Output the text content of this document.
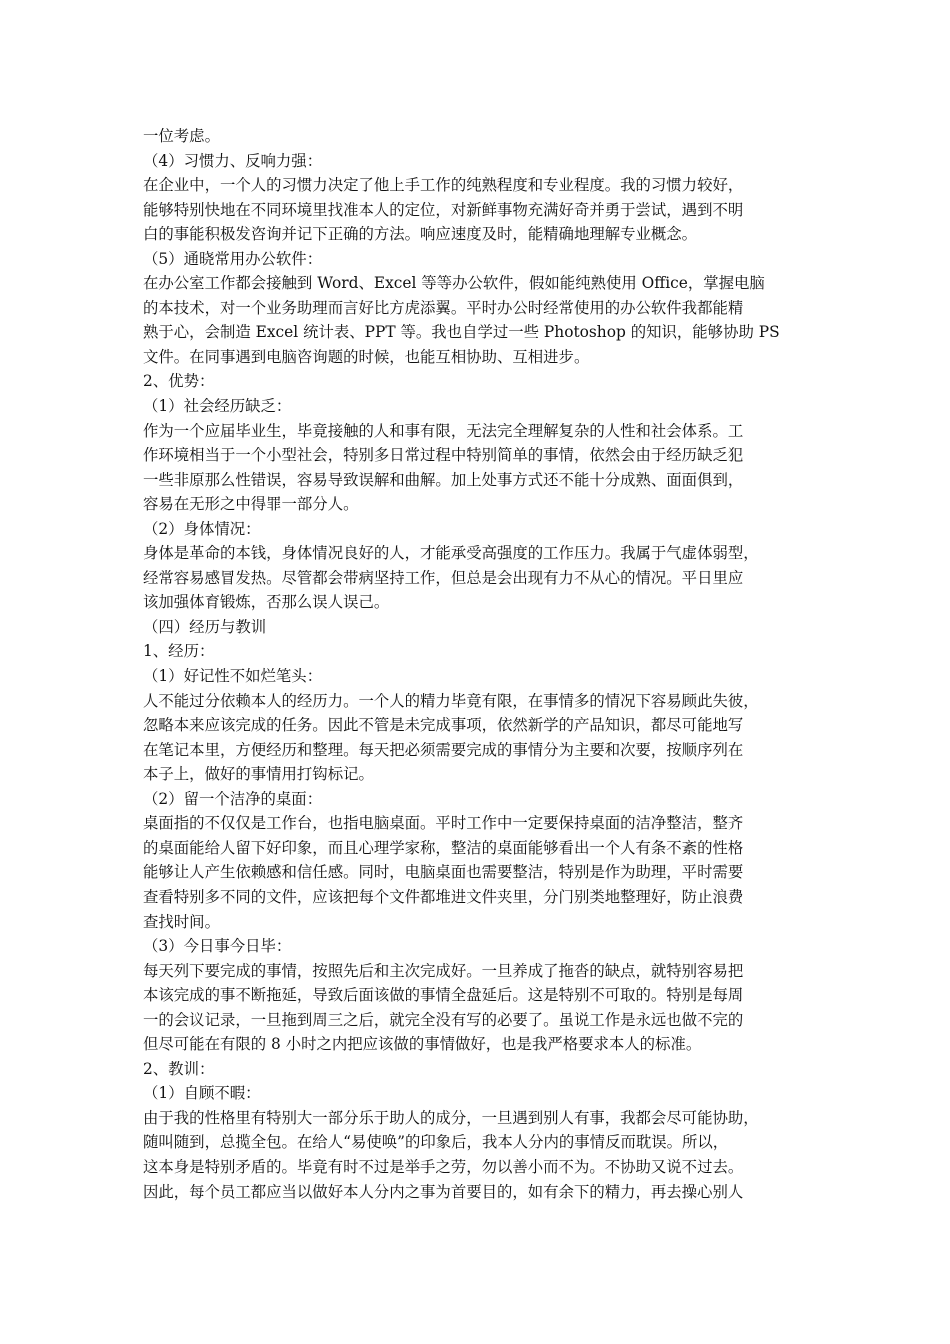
一位考虑。
（4）习惯力、反响力强：
在企业中，一个人的习惯力决定了他上手工作的纯熟程度和专业程度。我的习惯力较好，
能够特别快地在不同环境里找准本人的定位，对新鲜事物充满好奇并勇于尝试，遇到不明
白的事能积极发咨询并记下正确的方法。响应速度及时，能精确地理解专业概念。
（5）通晓常用办公软件：
在办公室工作都会接触到 Word、Excel 等等办公软件，假如能纯熟使用 Office，掌握电脑
的本技术，对一个业务助理而言好比方虎添翼。平时办公时经常使用的办公软件我都能精
熟于心，会制造 Excel 统计表、PPT 等。我也自学过一些 Photoshop 的知识，能够协助 PS
文件。在同事遇到电脑咨询题的时候，也能互相协助、互相进步。
2、优势：
（1）社会经历缺乏：
作为一个应届毕业生，毕竟接触的人和事有限，无法完全理解复杂的人性和社会体系。工
作环境相当于一个小型社会，特别多日常过程中特别简单的事情，依然会由于经历缺乏犯
一些非原那么性错误，容易导致误解和曲解。加上处事方式还不能十分成熟、面面俱到，
容易在无形之中得罪一部分人。
（2）身体情况：
身体是革命的本钱，身体情况良好的人，才能承受高强度的工作压力。我属于气虚体弱型，
经常容易感冒发热。尽管都会带病坚持工作，但总是会出现有力不从心的情况。平日里应
该加强体育锻炼，否那么误人误己。
（四）经历与教训
1、经历：
（1）好记性不如烂笔头：
人不能过分依赖本人的经历力。一个人的精力毕竟有限，在事情多的情况下容易顾此失彼，
忽略本来应该完成的任务。因此不管是未完成事项，依然新学的产品知识，都尽可能地写
在笔记本里，方便经历和整理。每天把必须需要完成的事情分为主要和次要，按顺序列在
本子上，做好的事情用打钩标记。
（2）留一个洁净的桌面：
桌面指的不仅仅是工作台，也指电脑桌面。平时工作中一定要保持桌面的洁净整洁，整齐
的桌面能给人留下好印象，而且心理学家称，整洁的桌面能够看出一个人有条不紊的性格
能够让人产生依赖感和信任感。同时，电脑桌面也需要整洁，特别是作为助理，平时需要
查看特别多不同的文件，应该把每个文件都堆进文件夹里，分门别类地整理好，防止浪费
查找时间。
（3）今日事今日毕：
每天列下要完成的事情，按照先后和主次完成好。一旦养成了拖沓的缺点，就特别容易把
本该完成的事不断拖延，导致后面该做的事情全盘延后。这是特别不可取的。特别是每周
一的会议记录，一旦拖到周三之后，就完全没有写的必要了。虽说工作是永远也做不完的
但尽可能在有限的 8 小时之内把应该做的事情做好，也是我严格要求本人的标准。
2、教训：
（1）自顾不暇：
由于我的性格里有特别大一部分乐于助人的成分，一旦遇到别人有事，我都会尽可能协助，
随叫随到，总揽全包。在给人“易使唤”的印象后，我本人分内的事情反而耽误。所以，
这本身是特别矛盾的。毕竟有时不过是举手之劳，勿以善小而不为。不协助又说不过去。
因此，每个员工都应当以做好本人分内之事为首要目的，如有余下的精力，再去操心别人
